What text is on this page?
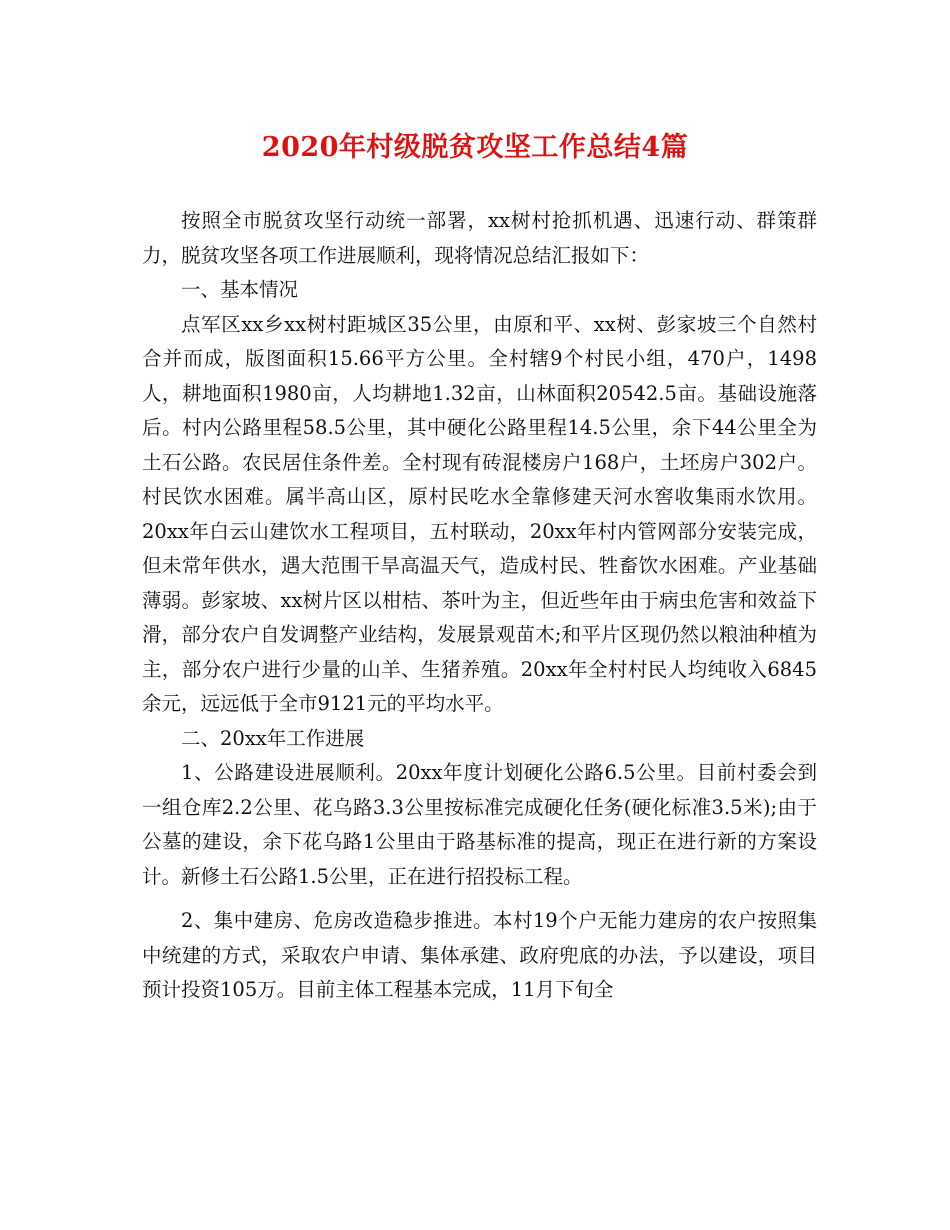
2020年村级脱贫攻坚工作总结4篇

按照全市脱贫攻坚行动统一部署，xx树村抢抓机遇、迅速行动、群策群力，脱贫攻坚各项工作进展顺利，现将情况总结汇报如下：

一、基本情况

点军区xx乡xx树村距城区35公里，由原和平、xx树、彭家坡三个自然村合并而成，版图面积15.66平方公里。全村辖9个村民小组，470户，1498人，耕地面积1980亩，人均耕地1.32亩，山林面积20542.5亩。基础设施落后。村内公路里程58.5公里，其中硬化公路里程14.5公里，余下44公里全为土石公路。农民居住条件差。全村现有砖混楼房户168户，土坯房户302户。村民饮水困难。属半高山区，原村民吃水全靠修建天河水窖收集雨水饮用。20xx年白云山建饮水工程项目，五村联动，20xx年村内管网部分安装完成，但未常年供水，遇大范围干旱高温天气，造成村民、牲畜饮水困难。产业基础薄弱。彭家坡、xx树片区以柑桔、茶叶为主，但近些年由于病虫危害和效益下滑，部分农户自发调整产业结构，发展景观苗木;和平片区现仍然以粮油种植为主，部分农户进行少量的山羊、生猪养殖。20xx年全村村民人均纯收入6845余元，远远低于全市9121元的平均水平。

二、20xx年工作进展

1、公路建设进展顺利。20xx年度计划硬化公路6.5公里。目前村委会到一组仓库2.2公里、花乌路3.3公里按标准完成硬化任务(硬化标准3.5米);由于公墓的建设，余下花乌路1公里由于路基标准的提高，现正在进行新的方案设计。新修土石公路1.5公里，正在进行招投标工程。

2、集中建房、危房改造稳步推进。本村19个户无能力建房的农户按照集中统建的方式，采取农户申请、集体承建、政府兜底的办法，予以建设，项目预计投资105万。目前主体工程基本完成，11月下旬全
